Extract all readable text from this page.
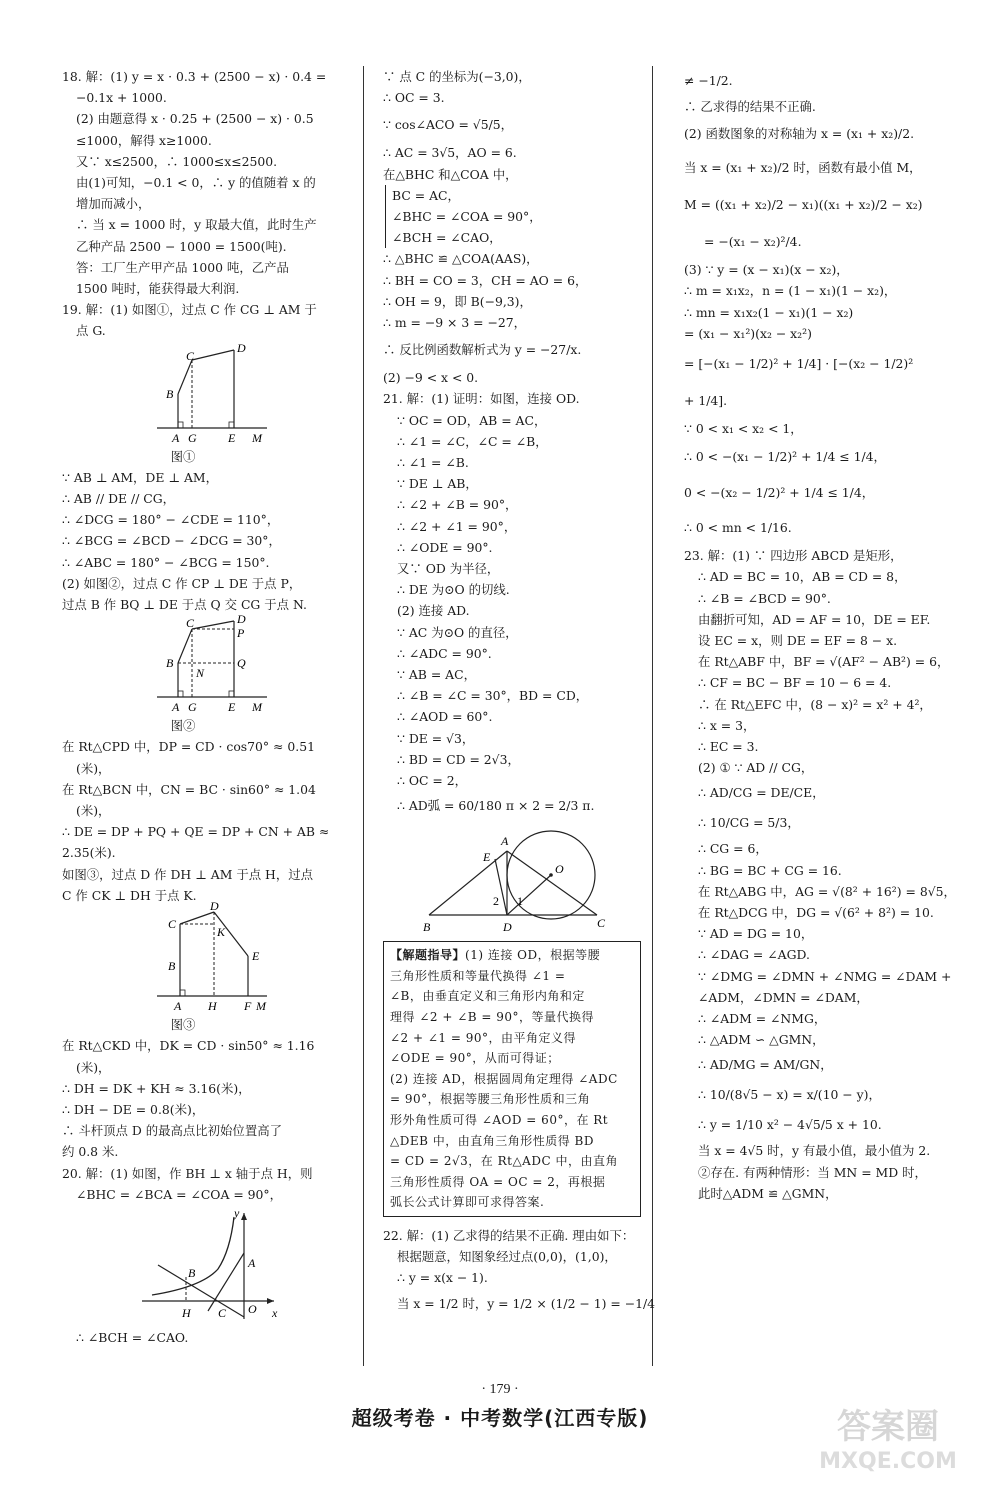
18. 解：(1) y = x · 0.3 + (2500 − x) · 0.4 =
−0.1x + 1000.
(2) 由题意得 x · 0.25 + (2500 − x) · 0.5
≤1000，解得 x≥1000.
又∵ x≤2500，∴ 1000≤x≤2500.
由(1)可知，−0.1 < 0，∴ y 的值随着 x 的
增加而减小，
∴ 当 x = 1000 时，y 取最大值，此时生产
乙种产品 2500 − 1000 = 1500(吨).
答：工厂生产甲产品 1000 吨，乙产品
1500 吨时，能获得最大利润.
19. 解：(1) 如图①，过点 C 作 CG ⊥ AM 于
点 G.
C
D
B
A G	E M
图①
∵ AB ⊥ AM，DE ⊥ AM，
∴ AB // DE // CG，
∴ ∠DCG = 180° − ∠CDE = 110°，
∴ ∠BCG = ∠BCD − ∠DCG = 30°，
∴ ∠ABC = 180° − ∠BCG = 150°.
(2) 如图②，过点 C 作 CP ⊥ DE 于点 P，
过点 B 作 BQ ⊥ DE 于点 Q 交 CG 于点 N.
C	D
P
B
N
Q
A G	E M
图②
在 Rt△CPD 中，DP = CD · cos70° ≈ 0.51
(米)，
在 Rt△BCN 中，CN = BC · sin60° ≈ 1.04
(米)，
∴ DE = DP + PQ + QE = DP + CN + AB ≈
2.35(米).
如图③，过点 D 作 DH ⊥ AM 于点 H，过点
C 作 CK ⊥ DH 于点 K.
D
C
K
B
E
A H F M
图③
在 Rt△CKD 中，DK = CD · sin50° ≈ 1.16
(米)，
∴ DH = DK + KH ≈ 3.16(米)，
∴ DH − DE = 0.8(米)，
∴ 斗杆顶点 D 的最高点比初始位置高了
约 0.8 米.
20. 解：(1) 如图，作 BH ⊥ x 轴于点 H，则
∠BHC = ∠BCA = ∠COA = 90°，
y
B
A
H C O x
∴ ∠BCH = ∠CAO.
∵ 点 C 的坐标为(−3,0)，
∴ OC = 3.
∵ cos∠ACO = √5/5，
∴ AC = 3√5，AO = 6.
在△BHC 和△COA 中，
BC = AC，
∠BHC = ∠COA = 90°，
∠BCH = ∠CAO，
∴ △BHC ≌ △COA(AAS)，
∴ BH = CO = 3，CH = AO = 6，
∴ OH = 9，即 B(−9,3)，
∴ m = −9 × 3 = −27，
∴ 反比例函数解析式为 y = −27/x.
(2) −9 < x < 0.
21. 解：(1) 证明：如图，连接 OD.
∵ OC = OD，AB = AC，
∴ ∠1 = ∠C，∠C = ∠B，
∴ ∠1 = ∠B.
∵ DE ⊥ AB，
∴ ∠2 + ∠B = 90°，
∴ ∠2 + ∠1 = 90°，
∴ ∠ODE = 90°.
又∵ OD 为半径，
∴ DE 为⊙O 的切线.
(2) 连接 AD.
∵ AC 为⊙O 的直径，
∴ ∠ADC = 90°.
∵ AB = AC，
∴ ∠B = ∠C = 30°，BD = CD，
∴ ∠AOD = 60°.
∵ DE = √3，
∴ BD = CD = 2√3，
∴ OC = 2，
∴ AD弧 = 60/180 π × 2 = 2/3 π.
A
E
O
2 1
B	D	C
【解题指导】(1) 连接 OD，根据等腰
三角形性质和等量代换得 ∠1 =
∠B，由垂直定义和三角形内角和定
理得 ∠2 + ∠B = 90°，等量代换得
∠2 + ∠1 = 90°，由平角定义得
∠ODE = 90°，从而可得证；
(2) 连接 AD，根据圆周角定理得 ∠ADC
= 90°，根据等腰三角形性质和三角
形外角性质可得 ∠AOD = 60°，在 Rt
△DEB 中，由直角三角形性质得 BD
= CD = 2√3，在 Rt△ADC 中，由直角
三角形性质得 OA = OC = 2，再根据
弧长公式计算即可求得答案.
22. 解：(1) 乙求得的结果不正确. 理由如下：
根据题意，知图象经过点(0,0)，(1,0)，
∴ y = x(x − 1).
当 x = 1/2 时，y = 1/2 × (1/2 − 1) = −1/4
≠ −1/2.
∴ 乙求得的结果不正确.
(2) 函数图象的对称轴为 x = (x₁ + x₂)/2.
当 x = (x₁ + x₂)/2 时，函数有最小值 M，
M = ((x₁ + x₂)/2 − x₁)((x₁ + x₂)/2 − x₂)
= −(x₁ − x₂)²/4.
(3) ∵ y = (x − x₁)(x − x₂)，
∴ m = x₁x₂，n = (1 − x₁)(1 − x₂)，
∴ mn = x₁x₂(1 − x₁)(1 − x₂)
= (x₁ − x₁²)(x₂ − x₂²)
= [−(x₁ − 1/2)² + 1/4] · [−(x₂ − 1/2)²
+ 1/4].
∵ 0 < x₁ < x₂ < 1，
∴ 0 < −(x₁ − 1/2)² + 1/4 ≤ 1/4，
0 < −(x₂ − 1/2)² + 1/4 ≤ 1/4，
∴ 0 < mn < 1/16.
23. 解：(1) ∵ 四边形 ABCD 是矩形，
∴ AD = BC = 10，AB = CD = 8，
∴ ∠B = ∠BCD = 90°.
由翻折可知，AD = AF = 10，DE = EF.
设 EC = x，则 DE = EF = 8 − x.
在 Rt△ABF 中，BF = √(AF² − AB²) = 6，
∴ CF = BC − BF = 10 − 6 = 4.
∴ 在 Rt△EFC 中，(8 − x)² = x² + 4²，
∴ x = 3，
∴ EC = 3.
(2) ① ∵ AD // CG，
∴ AD/CG = DE/CE，
∴ 10/CG = 5/3，
∴ CG = 6，
∴ BG = BC + CG = 16.
在 Rt△ABG 中，AG = √(8² + 16²) = 8√5，
在 Rt△DCG 中，DG = √(6² + 8²) = 10.
∵ AD = DG = 10，
∴ ∠DAG = ∠AGD.
∵ ∠DMG = ∠DMN + ∠NMG = ∠DAM +
∠ADM，∠DMN = ∠DAM，
∴ ∠ADM = ∠NMG，
∴ △ADM ∽ △GMN，
∴ AD/MG = AM/GN，
∴ 10/(8√5 − x) = x/(10 − y)，
∴ y = 1/10 x² − 4√5/5 x + 10.
当 x = 4√5 时，y 有最小值，最小值为 2.
②存在. 有两种情形：当 MN = MD 时，
此时△ADM ≌ △GMN，
· 179 ·
超级考卷 · 中考数学(江西专版)	答案圈
MXQE.COM
